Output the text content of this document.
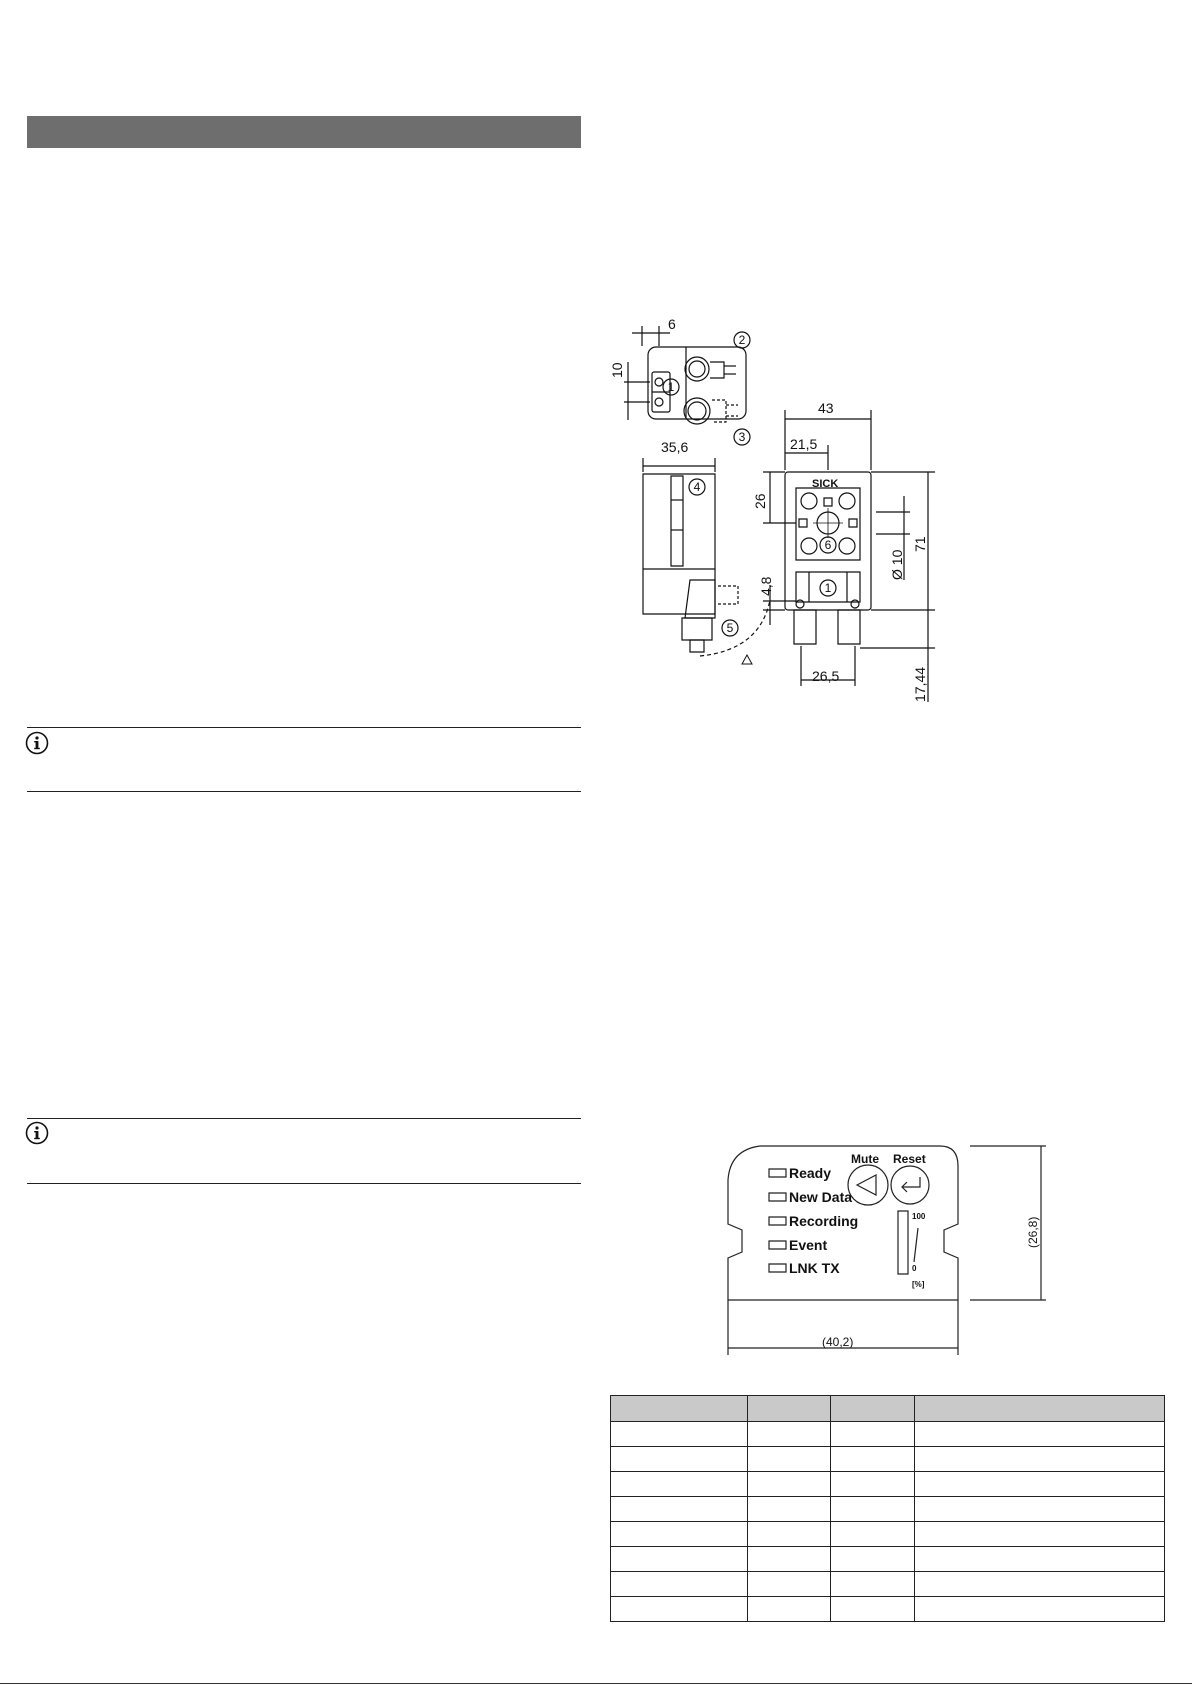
6
10
35,6
43
21,5
26
4,8
Ø 10
71
26,5	17,44
SICK
1
2
3
4
5
6
1
Ready
New Data
Recording
Event
LNK TX
Mute Reset
100
0
[%]
(26,8)
(40,2)
